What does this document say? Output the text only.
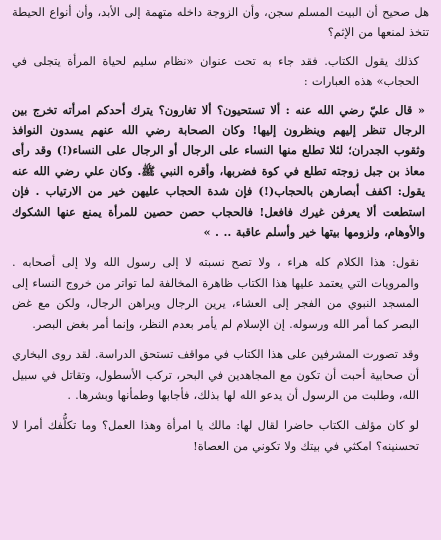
هل صحيح أن البيت المسلم سجن، وأن الزوجة داخله متهمة إلى الأبد، وأن أنواع الحيطة تتخذ لمنعها من الإثم؟

كذلك يقول الكتاب. فقد جاء به تحت عنوان «نظام سليم لحياة المرأة يتجلى في الحجاب» هذه العبارات :

« قال عليّ رضي الله عنه : ألا تستحيون؟ ألا تغارون؟ يترك أحدكم امرأته تخرج بين الرجال تنظر إليهم وينظرون إليها! وكان الصحابة رضي الله عنهم يسدون النوافذ وثقوب الجدران؛ لئلا تطلع منها النساء على الرجال أو الرجال على النساء(!) وقد رأى معاذ بن جبل زوجته تطلع في كوة فضربها، وأقره النبي ﷺ. وكان علي رضي الله عنه يقول: اكفف أبصارهن بالحجاب(!) فإن شدة الحجاب عليهن خير من الارتياب . فإن استطعت ألا يعرفن غيرك فافعل! فالحجاب حصن حصين للمرأة يمنع عنها الشكوك والأوهام، ولزومها بيتها خير وأسلم عاقبة .. . »

نقول: هذا الكلام كله هراء ، ولا تصح نسبته لا إلى رسول الله ولا إلى أصحابه . والمرويات التي يعتمد عليها هذا الكتاب ظاهرة المخالفة لما تواتر من خروج النساء إلى المسجد النبوي من الفجر إلى العشاء، يرين الرجال ويراهن الرجال، ولكن مع غض البصر كما أمر الله ورسوله. إن الإسلام لم يأمر بعدم النظر، وإنما أمر بغض البصر.

وقد تصورت المشرفين على هذا الكتاب في مواقف تستحق الدراسة. لقد روى البخاري أن صحابية أحبت أن تكون مع المجاهدين في البحر، تركب الأسطول، وتقاتل في سبيل الله، وطلبت من الرسول أن يدعو الله لها بذلك، فأجابها وطمأنها وبشرها. .

لو كان مؤلف الكتاب حاضرا لقال لها: مالك يا امرأة وهذا العمل؟ وما تكلُّفك أمرا لا تحسنينه؟ امكثي في بيتك ولا تكوني من العصاة!
